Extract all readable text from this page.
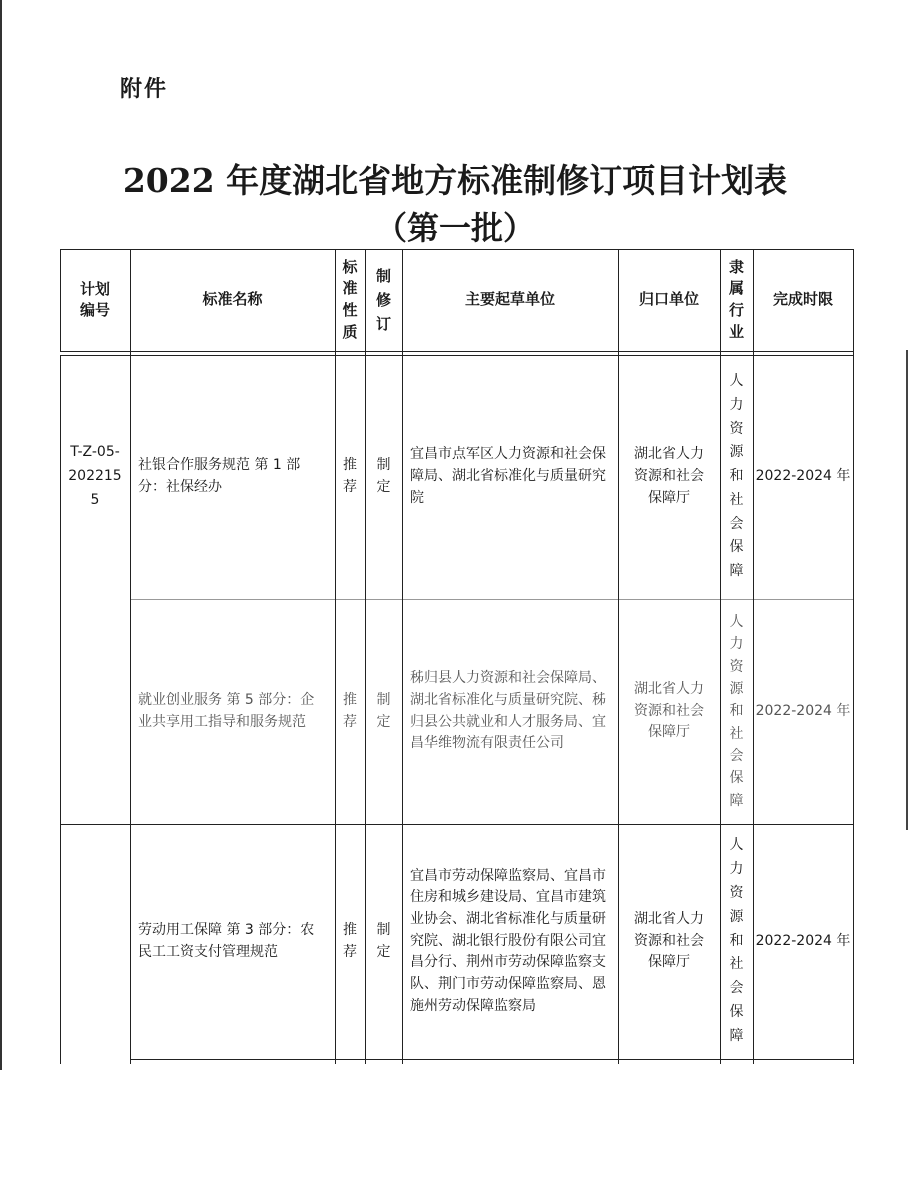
附件
2022 年度湖北省地方标准制修订项目计划表
（第一批）
计划编号
标准名称
标准性质
制修订
主要起草单位	归口单位
隶属行业
完成时限
T-Z-05-2022155
社银合作服务规范 第 1 部分：社保经办
推荐
制定
宜昌市点军区人力资源和社会保障局、湖北省标准化与质量研究院
湖北省人力资源和社会保障厅
人力资源和社会保障
2022-2024 年
就业创业服务 第 5 部分：企业共享用工指导和服务规范
推荐
制定
秭归县人力资源和社会保障局、湖北省标准化与质量研究院、秭归县公共就业和人才服务局、宜昌华维物流有限责任公司
湖北省人力资源和社会保障厅
人力资源和社会保障
2022-2024 年
劳动用工保障 第 3 部分：农民工工资支付管理规范
推荐
制定
宜昌市劳动保障监察局、宜昌市住房和城乡建设局、宜昌市建筑业协会、湖北省标准化与质量研究院、湖北银行股份有限公司宜昌分行、荆州市劳动保障监察支队、荆门市劳动保障监察局、恩施州劳动保障监察局
湖北省人力资源和社会保障厅
人力资源和社会保障
2022-2024 年
